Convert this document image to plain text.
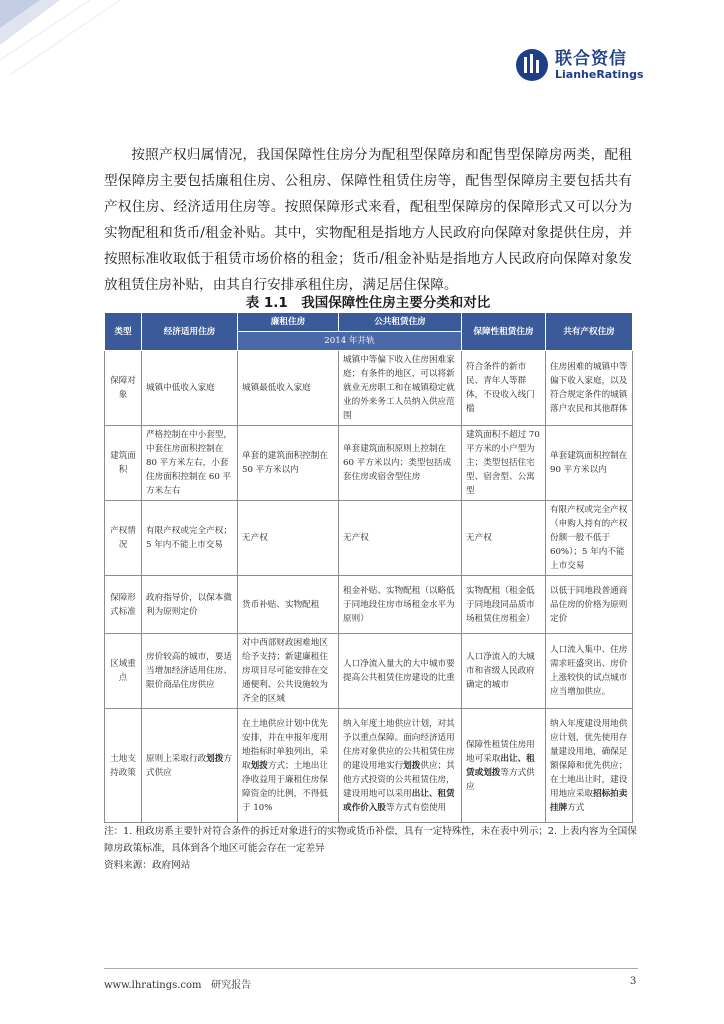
联合资信
LianheRatings

按照产权归属情况，我国保障性住房分为配租型保障房和配售型保障房两类，配租型保障房主要包括廉租住房、公租房、保障性租赁住房等，配售型保障房主要包括共有产权住房、经济适用住房等。按照保障形式来看，配租型保障房的保障形式又可以分为实物配租和货币/租金补贴。其中，实物配租是指地方人民政府向保障对象提供住房，并按照标准收取低于租赁市场价格的租金；货币/租金补贴是指地方人民政府向保障对象发放租赁住房补贴，由其自行安排承租住房，满足居住保障。

表 1.1　我国保障性住房主要分类和对比
类型	经济适用住房	廉租住房	公共租赁住房	保障性租赁住房	共有产权住房
		2014 年并轨			
保障对象	城镇中低收入家庭	城镇最低收入家庭	城镇中等偏下收入住房困难家庭；有条件的地区，可以将新就业无房职工和在城镇稳定就业的外来务工人员纳入供应范围	符合条件的新市民、青年人等群体，不设收入线门槛	住房困难的城镇中等偏下收入家庭，以及符合规定条件的城镇落户农民和其他群体
建筑面积	严格控制在中小套型，中套住房面积控制在 80 平方米左右，小套住房面积控制在 60 平方米左右	单套的建筑面积控制在 50 平方米以内	单套建筑面积原则上控制在 60 平方米以内；类型包括成套住房或宿舍型住房	建筑面积不超过 70 平方米的小户型为主；类型包括住宅型、宿舍型、公寓型	单套建筑面积控制在 90 平方米以内
产权情况	有限产权或完全产权；5 年内不能上市交易	无产权	无产权	无产权	有限产权或完全产权（申购人持有的产权份额一般不低于 60%）；5 年内不能上市交易
保障形式标准	政府指导价，以保本微利为原则定价	货币补贴、实物配租	租金补贴、实物配租（以略低于同地段住房市场租金水平为原则）	实物配租（租金低于同地段同品质市场租赁住房租金）	以低于同地段普通商品住房的价格为原则定价
区域重点	房价较高的城市，要适当增加经济适用住房、限价商品住房供应	对中西部财政困难地区给予支持；新建廉租住房项目尽可能安排在交通便利、公共设施较为齐全的区域	人口净流入量大的大中城市要提高公共租赁住房建设的比重	人口净流入的大城市和省级人民政府确定的城市	人口流入集中、住房需求旺盛突出、房价上涨较快的试点城市应当增加供应。
土地支持政策	原则上采取行政划拨方式供应	在土地供应计划中优先安排，并在申报年度用地指标时单独列出，采取划拨方式；土地出让净收益用于廉租住房保障资金的比例，不得低于 10%	纳入年度土地供应计划，对其予以重点保障。面向经济适用住房对象供应的公共租赁住房的建设用地实行划拨供应；其他方式投资的公共租赁住房，建设用地可以采用出让、租赁或作价入股等方式有偿使用	保障性租赁住房用地可采取出让、租赁或划拨等方式供应	纳入年度建设用地供应计划，优先使用存量建设用地，确保足额保障和优先供应；在土地出让时，建设用地应采取招标拍卖挂牌方式

注：1. 租政房系主要针对符合条件的拆迁对象进行的实物或货币补偿，具有一定特殊性，未在表中列示；2. 上表内容为全国保障房政策标准，具体到各个地区可能会存在一定差异

资料来源：政府网站

www.lhratings.com 研究报告	3
